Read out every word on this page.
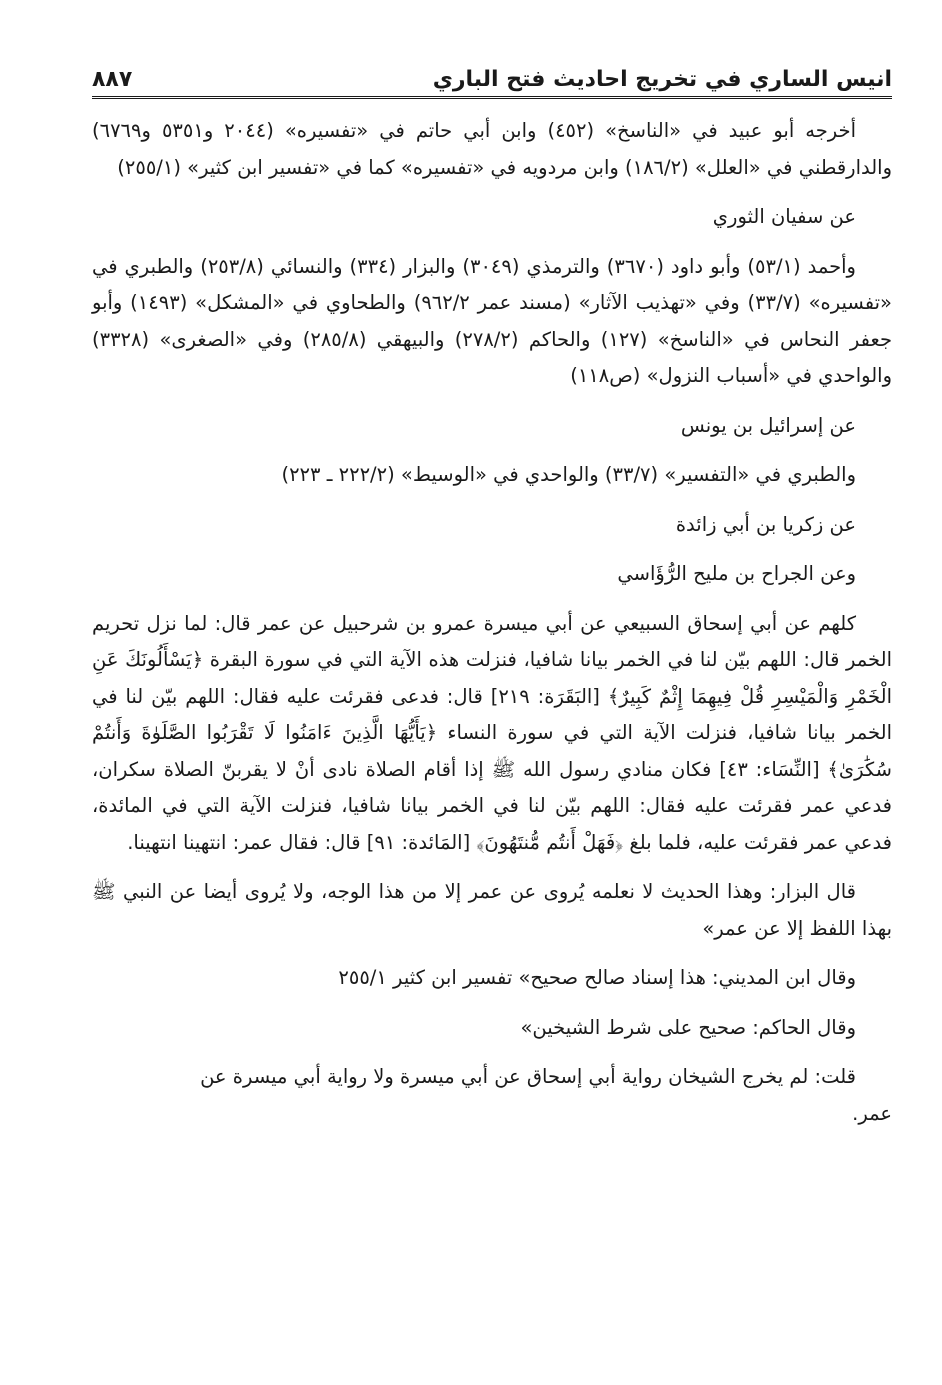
انيس الساري في تخريج احاديث فتح الباري
٨٨٧

أخرجه أبو عبيد في «الناسخ» (٤٥٢) وابن أبي حاتم في «تفسيره» (٢٠٤٤ و٥٣٥١ و٦٧٦٩) والدارقطني في «العلل» (١٨٦/٢) وابن مردويه في «تفسيره» كما في «تفسير ابن كثير» (٢٥٥/١)

عن سفيان الثوري

وأحمد (٥٣/١) وأبو داود (٣٦٧٠) والترمذي (٣٠٤٩) والبزار (٣٣٤) والنسائي (٢٥٣/٨) والطبري في «تفسيره» (٣٣/٧) وفي «تهذيب الآثار» (مسند عمر ٩٦٢/٢) والطحاوي في «المشكل» (١٤٩٣) وأبو جعفر النحاس في «الناسخ» (١٢٧) والحاكم (٢٧٨/٢) والبيهقي (٢٨٥/٨) وفي «الصغرى» (٣٣٢٨) والواحدي في «أسباب النزول» (ص١١٨)

عن إسرائيل بن يونس

والطبري في «التفسير» (٣٣/٧) والواحدي في «الوسيط» (٢٢٢/٢ ـ ٢٢٣)

عن زكريا بن أبي زائدة

وعن الجراح بن مليح الرُّؤَاسي

كلهم عن أبي إسحاق السبيعي عن أبي ميسرة عمرو بن شرحبيل عن عمر قال: لما نزل تحريم الخمر قال: اللهم بيّن لنا في الخمر بيانا شافيا، فنزلت هذه الآية التي في سورة البقرة ﴿يَسْأَلُونَكَ عَنِ الْخَمْرِ وَالْمَيْسِرِ قُلْ فِيهِمَا إِثْمٌ كَبِيرٌ﴾ [البَقَرَة: ٢١٩] قال: فدعى فقرئت عليه فقال: اللهم بيّن لنا في الخمر بيانا شافيا، فنزلت الآية التي في سورة النساء ﴿يَأَيُّهَا الَّذِينَ ءَامَنُوا لَا تَقْرَبُوا الصَّلَوٰةَ وَأَنتُمْ سُكَٰرَىٰ﴾ [النِّسَاء: ٤٣] فكان منادي رسول الله ﷺ إذا أقام الصلاة نادى أنْ لا يقربنّ الصلاة سكران، فدعي عمر فقرئت عليه فقال: اللهم بيّن لنا في الخمر بيانا شافيا، فنزلت الآية التي في المائدة، فدعي عمر فقرئت عليه، فلما بلغ ﴿فَهَلْ أَنتُم مُّنتَهُونَ﴾ [المَائدة: ٩١] قال: فقال عمر: انتهينا انتهينا.

قال البزار: وهذا الحديث لا نعلمه يُروى عن عمر إلا من هذا الوجه، ولا يُروى أيضا عن النبي ﷺ بهذا اللفظ إلا عن عمر»

وقال ابن المديني: هذا إسناد صالح صحيح» تفسير ابن كثير ٢٥٥/١

وقال الحاكم: صحيح على شرط الشيخين»

قلت: لم يخرج الشيخان رواية أبي إسحاق عن أبي ميسرة ولا رواية أبي ميسرة عن

عمر.
